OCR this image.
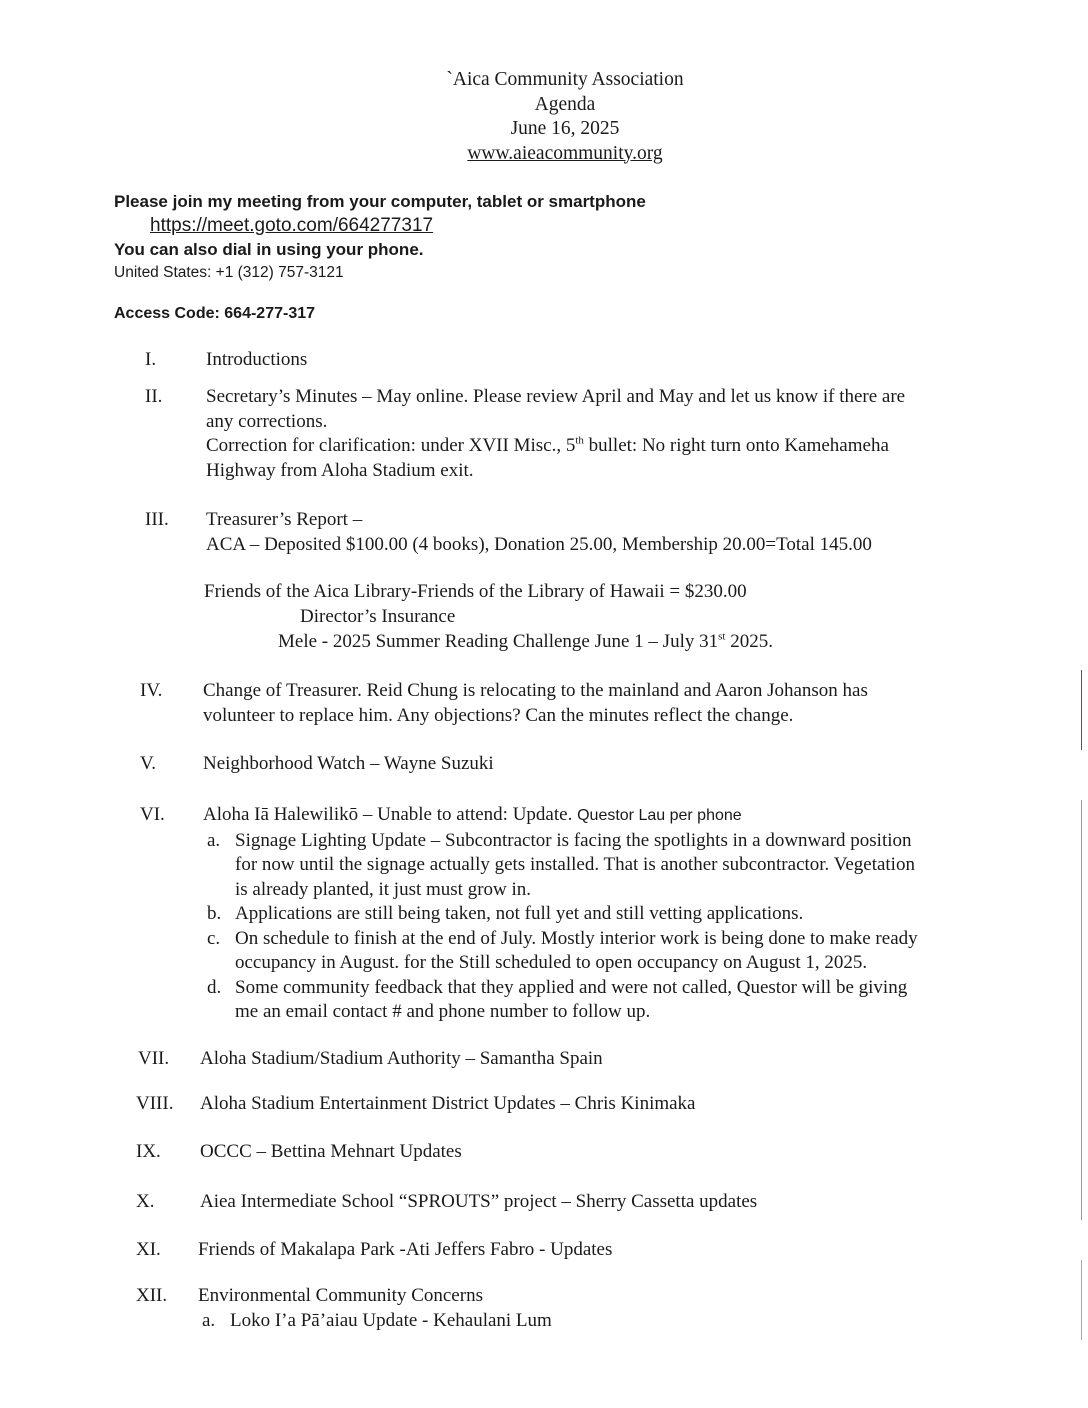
`Aica Community Association
Agenda
June 16, 2025
www.aieacommunity.org
Please join my meeting from your computer, tablet or smartphone
https://meet.goto.com/664277317
You can also dial in using your phone.
United States: +1 (312) 757-3121
Access Code: 664-277-317
I.	Introductions
II. Secretary’s Minutes – May online. Please review April and May and let us know if there are
any corrections.
Correction for clarification: under XVII Misc., 5th bullet: No right turn onto Kamehameha
Highway from Aloha Stadium exit.
III. Treasurer’s Report –
ACA – Deposited $100.00 (4 books), Donation 25.00, Membership 20.00=Total 145.00
Friends of the Aica Library-Friends of the Library of Hawaii = $230.00
Director’s Insurance
Mele - 2025 Summer Reading Challenge June 1 – July 31st 2025.
IV. Change of Treasurer. Reid Chung is relocating to the mainland and Aaron Johanson has
volunteer to replace him. Any objections? Can the minutes reflect the change.
V. Neighborhood Watch – Wayne Suzuki
VI. Aloha Iā Halewilikō – Unable to attend: Update. Questor Lau per phone
a. Signage Lighting Update – Subcontractor is facing the spotlights in a downward position
for now until the signage actually gets installed. That is another subcontractor. Vegetation
is already planted, it just must grow in.
b. Applications are still being taken, not full yet and still vetting applications.
c. On schedule to finish at the end of July. Mostly interior work is being done to make ready
occupancy in August. for the Still scheduled to open occupancy on August 1, 2025.
d. Some community feedback that they applied and were not called, Questor will be giving
me an email contact # and phone number to follow up.
VII. Aloha Stadium/Stadium Authority – Samantha Spain
VIII. Aloha Stadium Entertainment District Updates – Chris Kinimaka
IX. OCCC – Bettina Mehnart Updates
X. Aiea Intermediate School “SPROUTS” project – Sherry Cassetta updates
XI. Friends of Makalapa Park -Ati Jeffers Fabro - Updates
XII. Environmental Community Concerns
a. Loko I’a Pā’aiau Update - Kehaulani Lum
